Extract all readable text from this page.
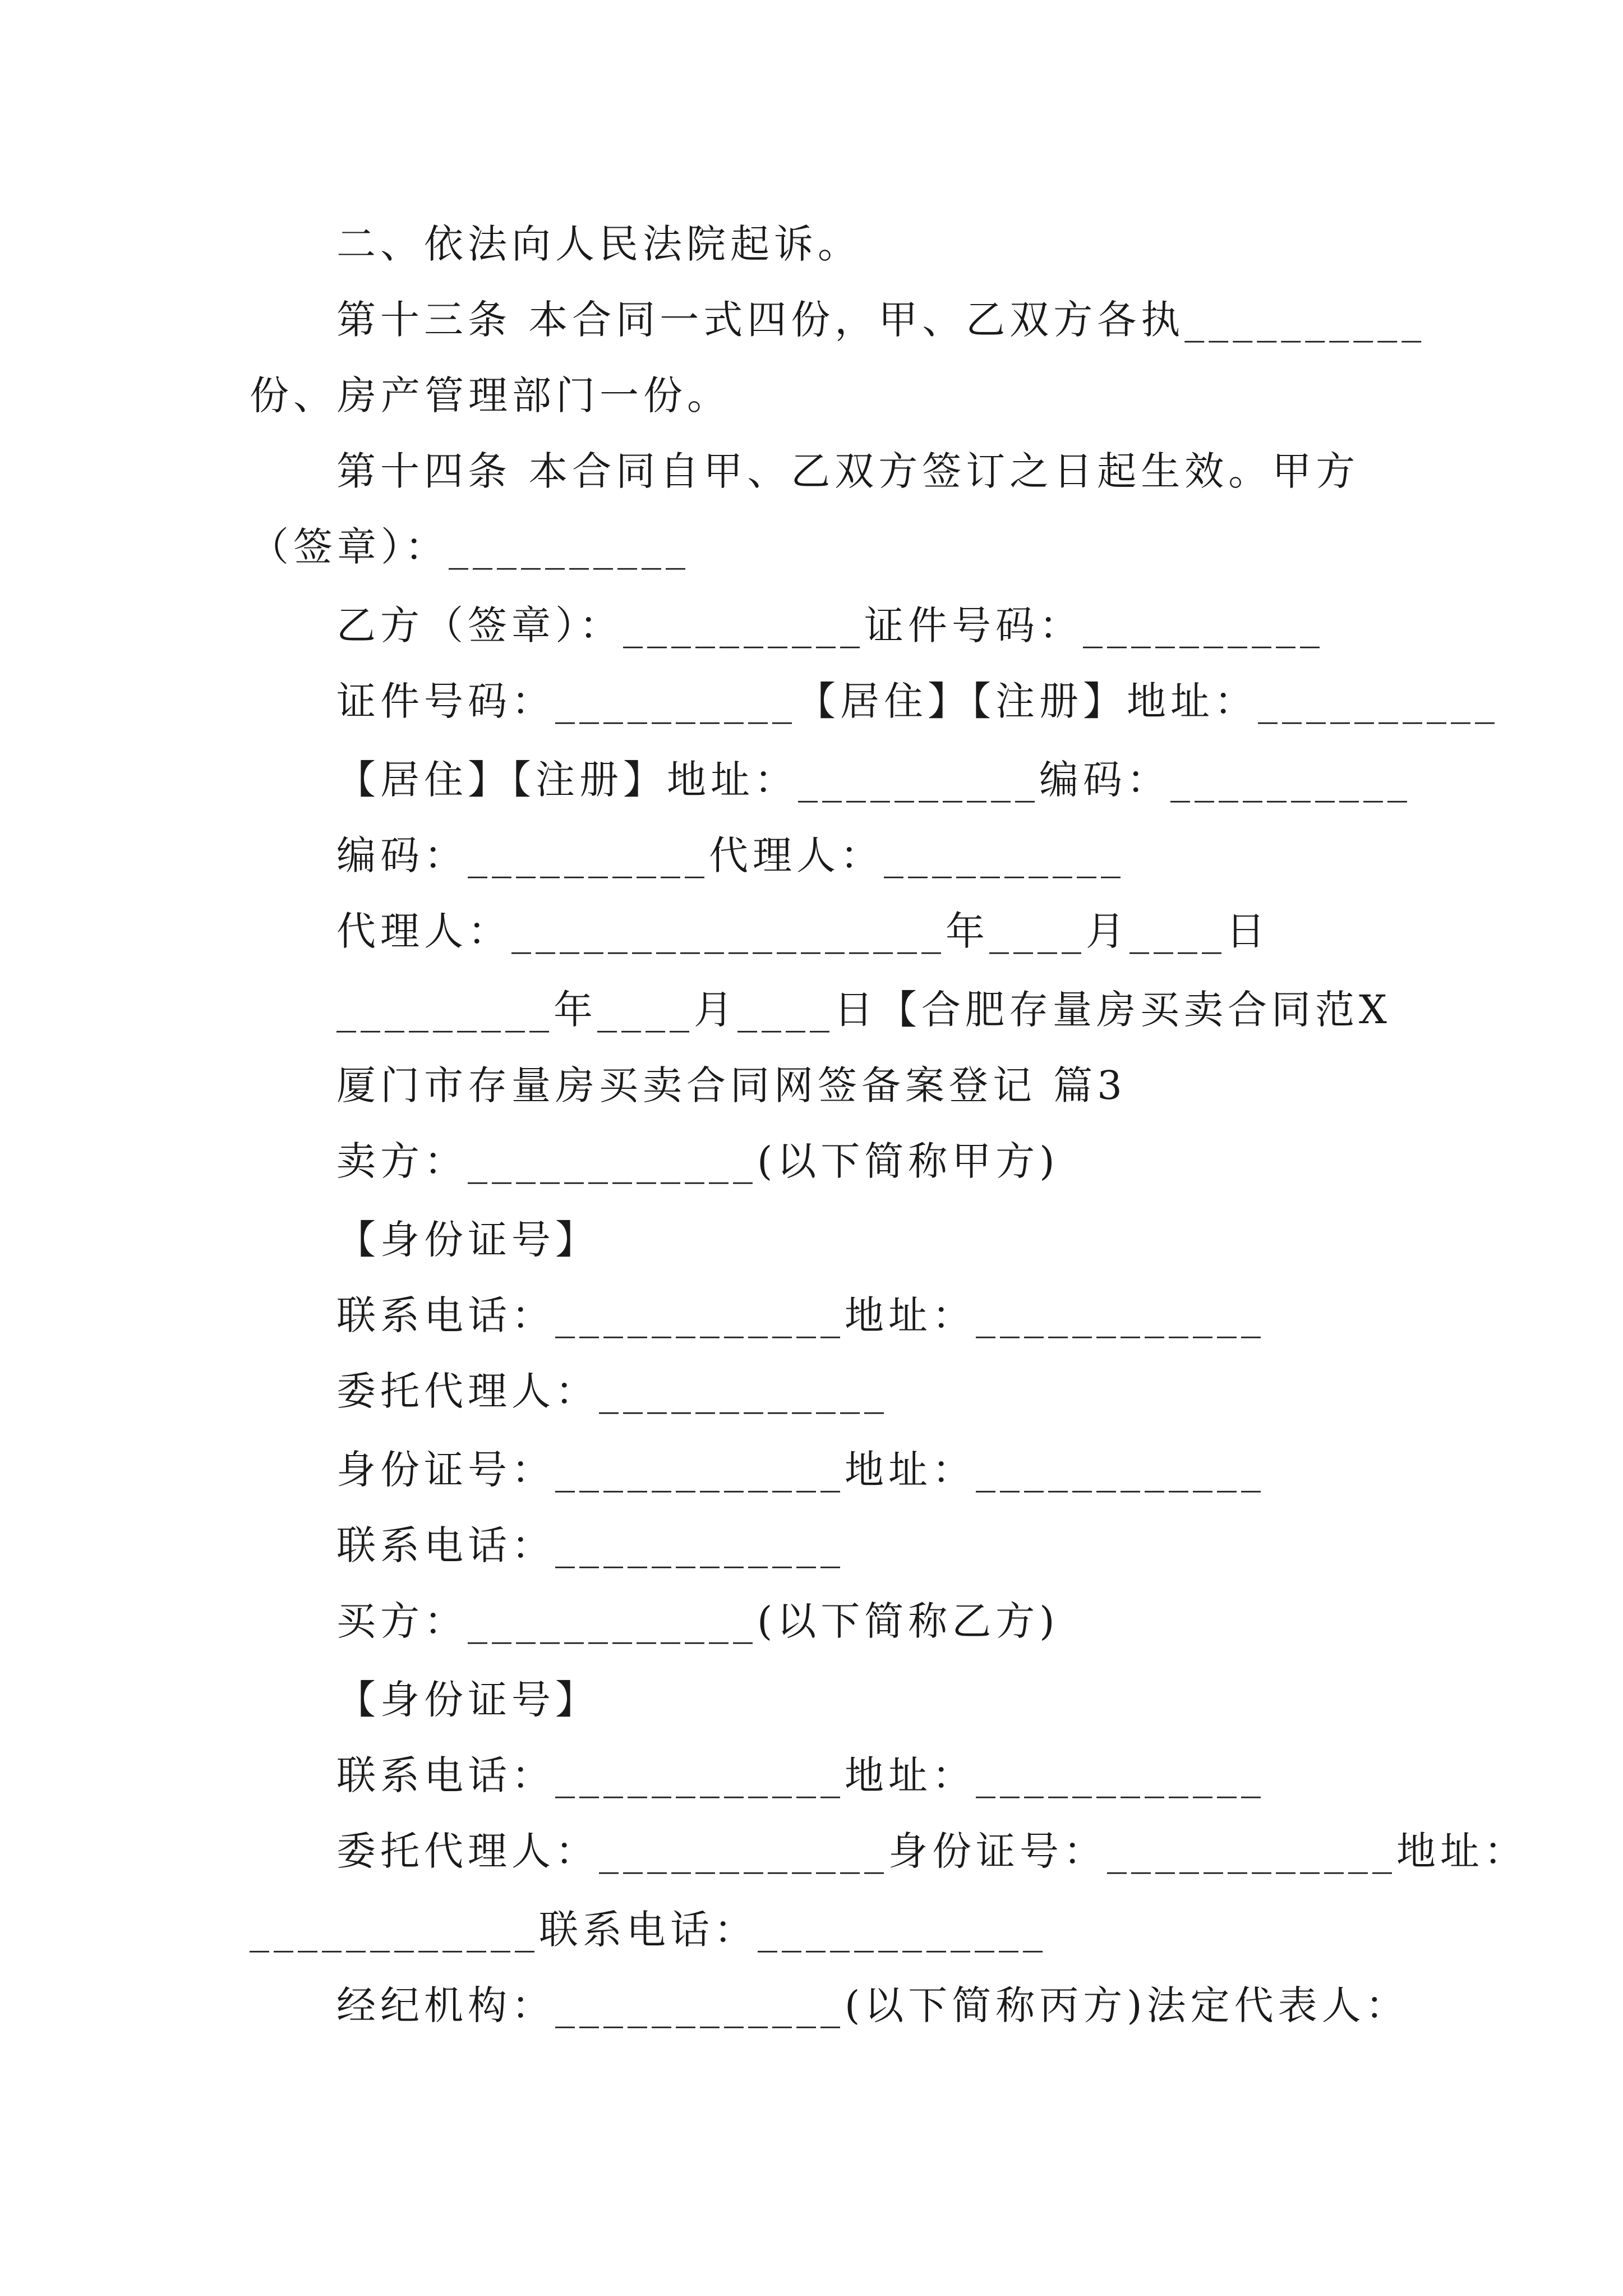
二、依法向人民法院起诉。

第十三条 本合同一式四份，甲、乙双方各执__________

份、房产管理部门一份。

第十四条 本合同自甲、乙双方签订之日起生效。甲方

（签章）：__________

乙方（签章）：__________证件号码：__________

证件号码：__________【居住】【注册】地址：__________

【居住】【注册】地址：__________编码：__________

编码：__________代理人：__________

代理人：__________________年____月____日

_________年____月____日【合肥存量房买卖合同范X

厦门市存量房买卖合同网签备案登记 篇3

卖方：____________(以下简称甲方)

【身份证号】

联系电话：____________地址：____________

委托代理人：____________

身份证号：____________地址：____________

联系电话：____________

买方：____________(以下简称乙方)

【身份证号】

联系电话：____________地址：____________

委托代理人：____________身份证号：____________地址：

____________联系电话：____________

经纪机构：____________(以下简称丙方)法定代表人：
